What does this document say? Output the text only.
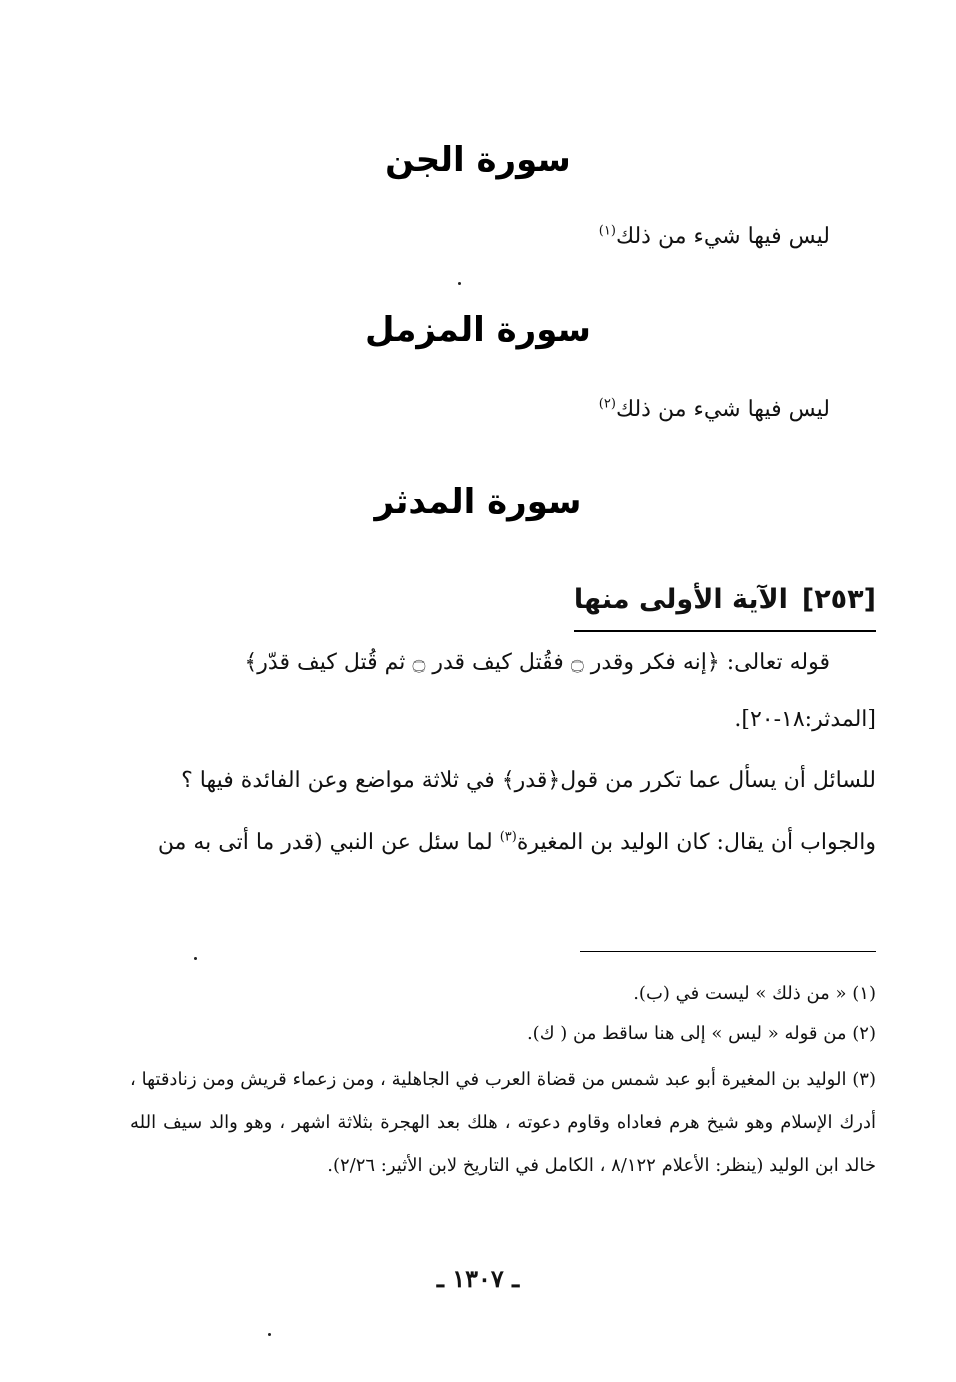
سورة الجن
ليس فيها شيء من ذلك$^{(١)}$
سورة المزمل
ليس فيها شيء من ذلك$^{(٢)}$
سورة المدثر
[٢٥٣]
الآية الأولى منها
قوله تعالى: ﴿إنه فكر وقدر ۝ فقُتل كيف قدر ۝ ثم قُتل كيف قدّر﴾
[المدثر:١٨-٢٠].
للسائل أن يسأل عما تكرر من قول﴿قدر﴾ في ثلاثة مواضع وعن الفائدة فيها ؟
والجواب أن يقال: كان الوليد بن المغيرة$^{(٣)}$ لما سئل عن النبي (قدر ما أتى به من
(١) « من ذلك » ليست في (ب).
(٢) من قوله « ليس » إلى هنا ساقط من ( ك).
(٣) الوليد بن المغيرة أبو عبد شمس من قضاة العرب في الجاهلية ، ومن زعماء قريش ومن زنادقتها ، أدرك الإسلام وهو شيخ هرم فعاداه وقاوم دعوته ، هلك بعد الهجرة بثلاثة اشهر ، وهو والد سيف الله خالد ابن الوليد (ينظر: الأعلام ٨/١٢٢ ، الكامل في التاريخ لابن الأثير: ٢/٢٦).
ـ ١٣٠٧ ـ
